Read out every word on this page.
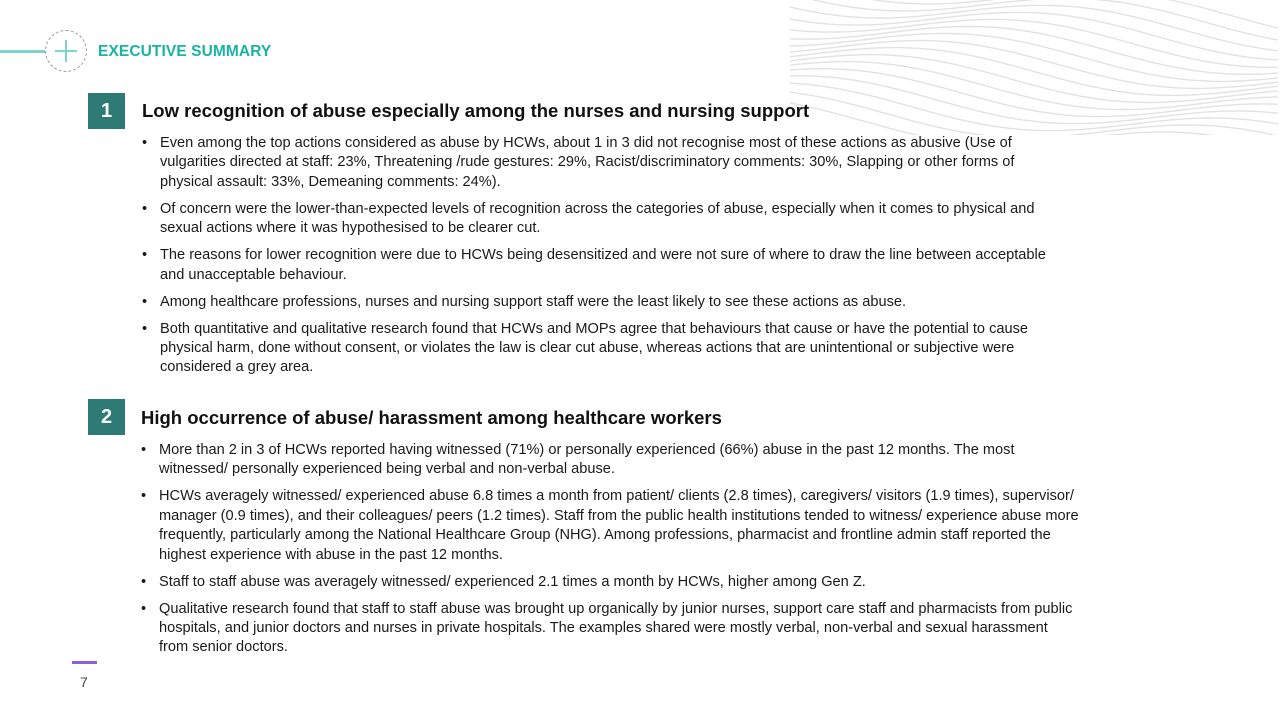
EXECUTIVE SUMMARY
1	Low recognition of abuse especially among the nurses and nursing support
• Even among the top actions considered as abuse by HCWs, about 1 in 3 did not recognise most of these actions as abusive (Use of vulgarities directed at staff: 23%, Threatening /rude gestures: 29%, Racist/discriminatory comments: 30%, Slapping or other forms of physical assault: 33%, Demeaning comments: 24%).
• Of concern were the lower-than-expected levels of recognition across the categories of abuse, especially when it comes to physical and sexual actions where it was hypothesised to be clearer cut.
• The reasons for lower recognition were due to HCWs being desensitized and were not sure of where to draw the line between acceptable and unacceptable behaviour.
• Among healthcare professions, nurses and nursing support staff were the least likely to see these actions as abuse.
• Both quantitative and qualitative research found that HCWs and MOPs agree that behaviours that cause or have the potential to cause physical harm, done without consent, or violates the law is clear cut abuse, whereas actions that are unintentional or subjective were considered a grey area.
2	High occurrence of abuse/ harassment among healthcare workers
• More than 2 in 3 of HCWs reported having witnessed (71%) or personally experienced (66%) abuse in the past 12 months. The most witnessed/ personally experienced being verbal and non-verbal abuse.
• HCWs averagely witnessed/ experienced abuse 6.8 times a month from patient/ clients (2.8 times), caregivers/ visitors (1.9 times), supervisor/ manager (0.9 times), and their colleagues/ peers (1.2 times). Staff from the public health institutions tended to witness/ experience abuse more frequently, particularly among the National Healthcare Group (NHG). Among professions, pharmacist and frontline admin staff reported the highest experience with abuse in the past 12 months.
• Staff to staff abuse was averagely witnessed/ experienced 2.1 times a month by HCWs, higher among Gen Z.
• Qualitative research found that staff to staff abuse was brought up organically by junior nurses, support care staff and pharmacists from public hospitals, and junior doctors and nurses in private hospitals. The examples shared were mostly verbal, non-verbal and sexual harassment from senior doctors.
7
